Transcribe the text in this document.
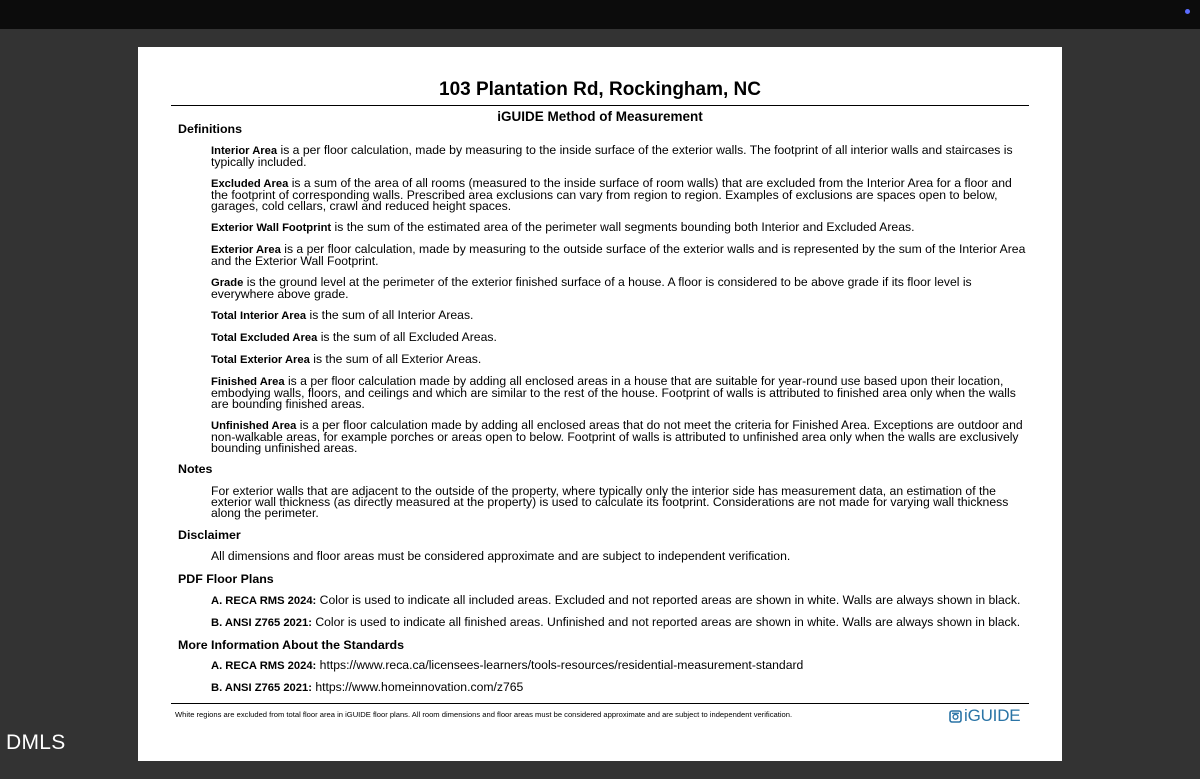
103 Plantation Rd, Rockingham, NC
iGUIDE Method of Measurement
Definitions
Interior Area is a per floor calculation, made by measuring to the inside surface of the exterior walls. The footprint of all interior walls and staircases is typically included.
Excluded Area is a sum of the area of all rooms (measured to the inside surface of room walls) that are excluded from the Interior Area for a floor and the footprint of corresponding walls. Prescribed area exclusions can vary from region to region. Examples of exclusions are spaces open to below, garages, cold cellars, crawl and reduced height spaces.
Exterior Wall Footprint is the sum of the estimated area of the perimeter wall segments bounding both Interior and Excluded Areas.
Exterior Area is a per floor calculation, made by measuring to the outside surface of the exterior walls and is represented by the sum of the Interior Area and the Exterior Wall Footprint.
Grade is the ground level at the perimeter of the exterior finished surface of a house. A floor is considered to be above grade if its floor level is everywhere above grade.
Total Interior Area is the sum of all Interior Areas.
Total Excluded Area is the sum of all Excluded Areas.
Total Exterior Area is the sum of all Exterior Areas.
Finished Area is a per floor calculation made by adding all enclosed areas in a house that are suitable for year-round use based upon their location, embodying walls, floors, and ceilings and which are similar to the rest of the house. Footprint of walls is attributed to finished area only when the walls are bounding finished areas.
Unfinished Area is a per floor calculation made by adding all enclosed areas that do not meet the criteria for Finished Area. Exceptions are outdoor and non-walkable areas, for example porches or areas open to below. Footprint of walls is attributed to unfinished area only when the walls are exclusively bounding unfinished areas.
Notes
For exterior walls that are adjacent to the outside of the property, where typically only the interior side has measurement data, an estimation of the exterior wall thickness (as directly measured at the property) is used to calculate its footprint. Considerations are not made for varying wall thickness along the perimeter.
Disclaimer
All dimensions and floor areas must be considered approximate and are subject to independent verification.
PDF Floor Plans
A. RECA RMS 2024: Color is used to indicate all included areas. Excluded and not reported areas are shown in white. Walls are always shown in black.
B. ANSI Z765 2021: Color is used to indicate all finished areas. Unfinished and not reported areas are shown in white. Walls are always shown in black.
More Information About the Standards
A. RECA RMS 2024: https://www.reca.ca/licensees-learners/tools-resources/residential-measurement-standard
B. ANSI Z765 2021: https://www.homeinnovation.com/z765
White regions are excluded from total floor area in iGUIDE floor plans. All room dimensions and floor areas must be considered approximate and are subject to independent verification.	iGUIDE
DMLS
